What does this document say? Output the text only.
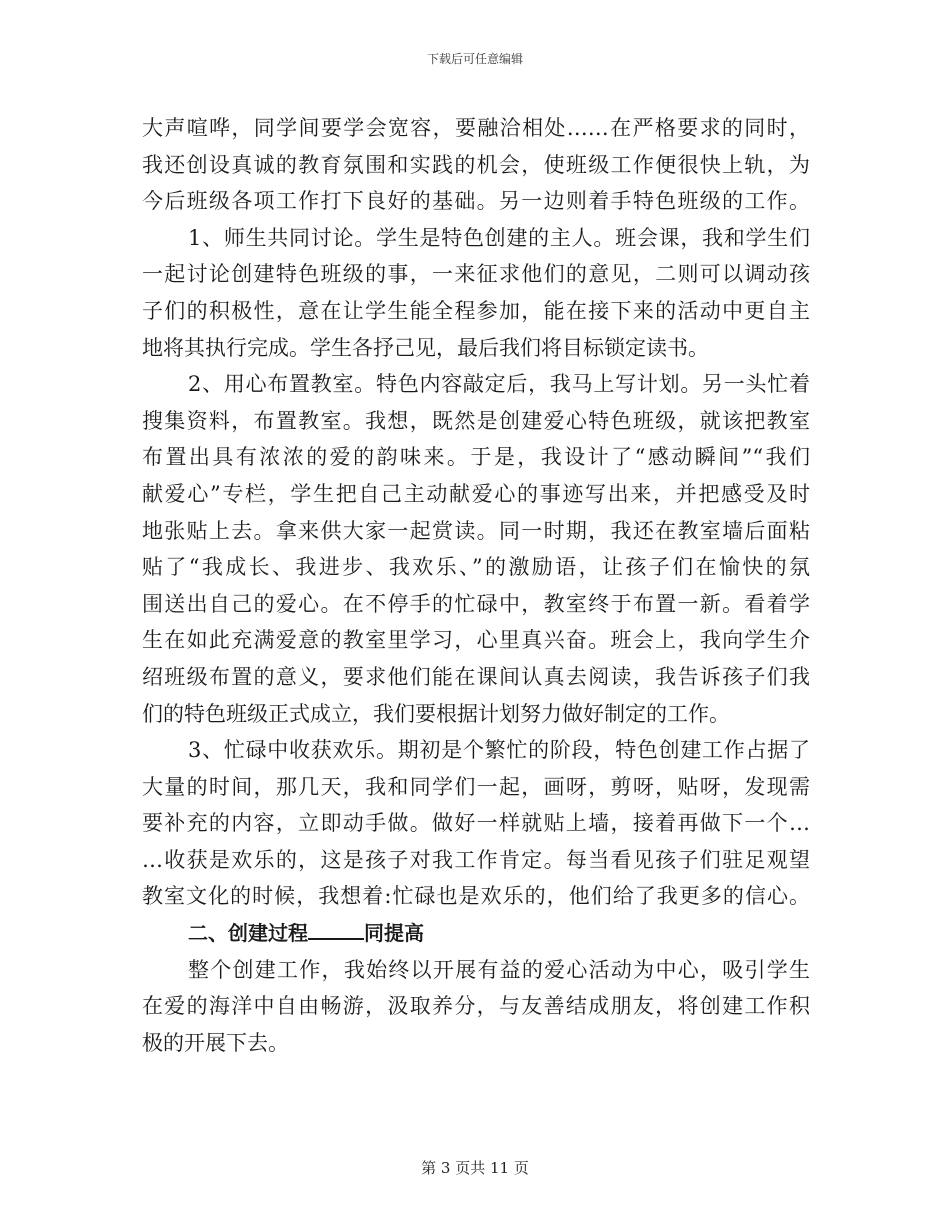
下载后可任意编辑
大声喧哗，同学间要学会宽容，要融洽相处……在严格要求的同时，
我还创设真诚的教育氛围和实践的机会，使班级工作便很快上轨，为
今后班级各项工作打下良好的基础。另一边则着手特色班级的工作。
1、师生共同讨论。学生是特色创建的主人。班会课，我和学生们
一起讨论创建特色班级的事，一来征求他们的意见，二则可以调动孩
子们的积极性，意在让学生能全程参加，能在接下来的活动中更自主
地将其执行完成。学生各抒己见，最后我们将目标锁定读书。
2、用心布置教室。特色内容敲定后，我马上写计划。另一头忙着
搜集资料，布置教室。我想，既然是创建爱心特色班级，就该把教室
布置出具有浓浓的爱的韵味来。于是，我设计了“感动瞬间”“我们
献爱心”专栏，学生把自己主动献爱心的事迹写出来，并把感受及时
地张贴上去。拿来供大家一起赏读。同一时期，我还在教室墙后面粘
贴了“我成长、我进步、我欢乐、”的激励语，让孩子们在愉快的氛
围送出自己的爱心。在不停手的忙碌中，教室终于布置一新。看着学
生在如此充满爱意的教室里学习，心里真兴奋。班会上，我向学生介
绍班级布置的意义，要求他们能在课间认真去阅读，我告诉孩子们我
们的特色班级正式成立，我们要根据计划努力做好制定的工作。
3、忙碌中收获欢乐。期初是个繁忙的阶段，特色创建工作占据了
大量的时间，那几天，我和同学们一起，画呀，剪呀，贴呀，发现需
要补充的内容，立即动手做。做好一样就贴上墙，接着再做下一个…
…收获是欢乐的，这是孩子对我工作肯定。每当看见孩子们驻足观望
教室文化的时候，我想着:忙碌也是欢乐的，他们给了我更多的信心。
二、创建过程	同提高
整个创建工作，我始终以开展有益的爱心活动为中心，吸引学生
在爱的海洋中自由畅游，汲取养分，与友善结成朋友，将创建工作积
极的开展下去。
第 3 页共 11 页
